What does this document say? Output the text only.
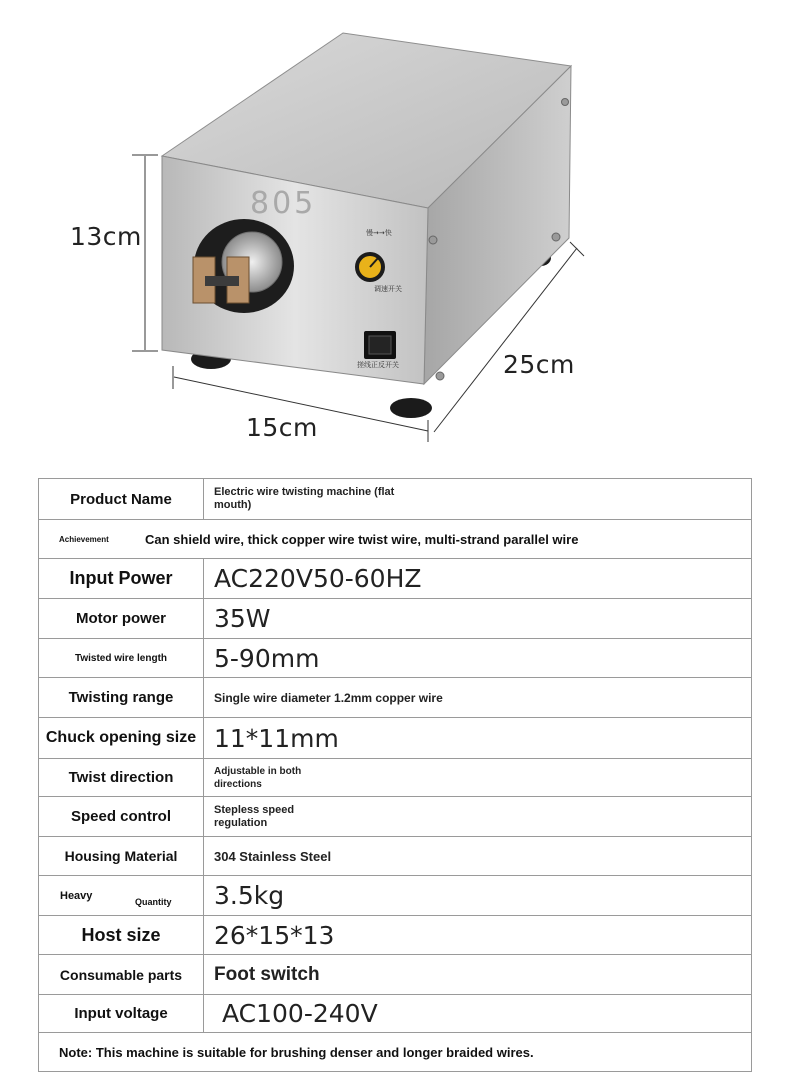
805
慢→→快
调速开关
搓线正反开关
13cm
15cm
25cm
Product Name	Electric wire twisting machine (flat mouth)
Achievement	Can shield wire, thick copper wire twist wire, multi-strand parallel wire
Input Power	AC220V50-60HZ
Motor power	35W
Twisted wire length	5-90mm
Twisting range	Single wire diameter 1.2mm copper wire
Chuck opening size 11*11mm
Twist direction	Adjustable in both directions
Speed control	Stepless speed regulation
Housing Material	304 Stainless Steel
Heavy	Quantity 3.5kg
Host size	26*15*13
Consumable parts	Foot switch
Input voltage	AC100-240V
Note: This machine is suitable for brushing denser and longer braided wires.
